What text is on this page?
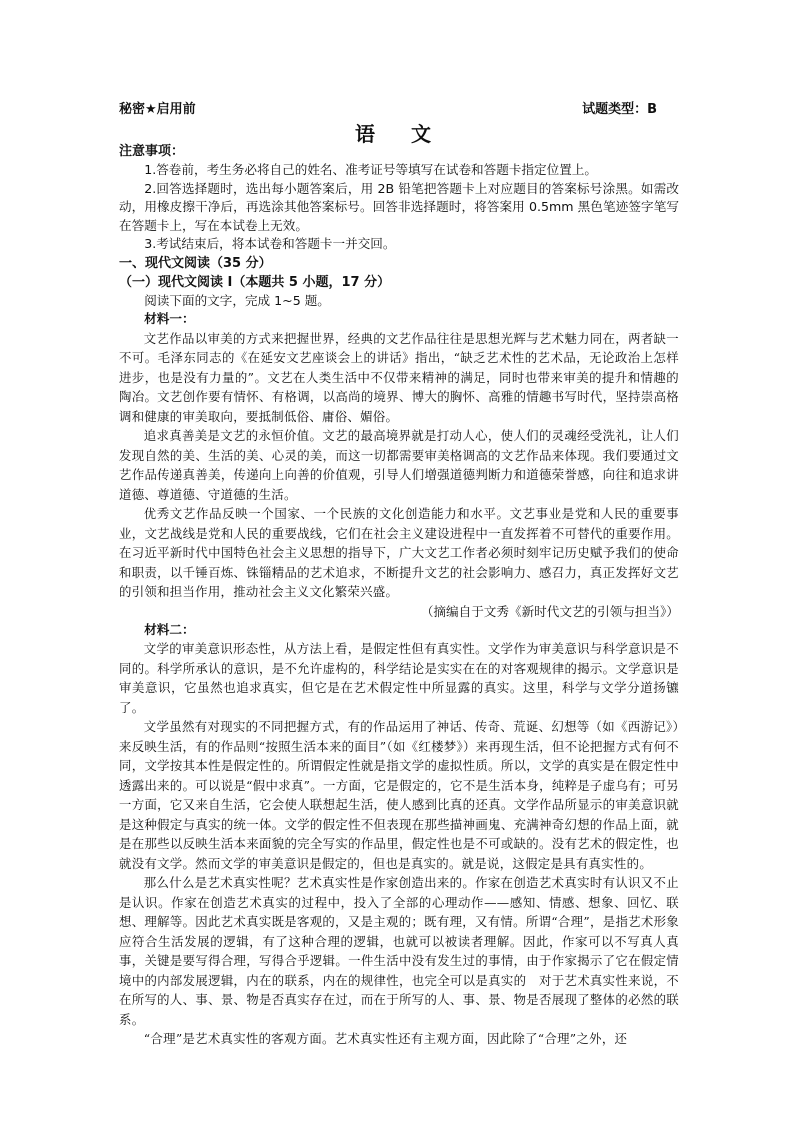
秘密★启用前	试题类型：B
语　文
注意事项：
1.答卷前，考生务必将自己的姓名、准考证号等填写在试卷和答题卡指定位置上。
2.回答选择题时，选出每小题答案后，用 2B 铅笔把答题卡上对应题目的答案标号涂黑。如需改动，用橡皮擦干净后，再选涂其他答案标号。回答非选择题时，将答案用 0.5mm 黑色笔迹签字笔写在答题卡上，写在本试卷上无效。
3.考试结束后，将本试卷和答题卡一并交回。
一、现代文阅读（35 分）
（一）现代文阅读 I（本题共 5 小题，17 分）
阅读下面的文字，完成 1~5 题。
材料一：
文艺作品以审美的方式来把握世界，经典的文艺作品往往是思想光辉与艺术魅力同在，两者缺一不可。毛泽东同志的《在延安文艺座谈会上的讲话》指出，“缺乏艺术性的艺术品，无论政治上怎样进步，也是没有力量的”。文艺在人类生活中不仅带来精神的满足，同时也带来审美的提升和情趣的陶冶。文艺创作要有情怀、有格调，以高尚的境界、博大的胸怀、高雅的情趣书写时代，坚持崇高格调和健康的审美取向，要抵制低俗、庸俗、媚俗。
追求真善美是文艺的永恒价值。文艺的最高境界就是打动人心，使人们的灵魂经受洗礼，让人们发现自然的美、生活的美、心灵的美，而这一切都需要审美格调高的文艺作品来体现。我们要通过文艺作品传递真善美，传递向上向善的价值观，引导人们增强道德判断力和道德荣誉感，向往和追求讲道德、尊道德、守道德的生活。
优秀文艺作品反映一个国家、一个民族的文化创造能力和水平。文艺事业是党和人民的重要事业，文艺战线是党和人民的重要战线，它们在社会主义建设进程中一直发挥着不可替代的重要作用。在习近平新时代中国特色社会主义思想的指导下，广大文艺工作者必须时刻牢记历史赋予我们的使命和职责，以千锤百炼、铢锱精品的艺术追求，不断提升文艺的社会影响力、感召力，真正发挥好文艺的引领和担当作用，推动社会主义文化繁荣兴盛。
（摘编自于文秀《新时代文艺的引领与担当》）
材料二：
文学的审美意识形态性，从方法上看，是假定性但有真实性。文学作为审美意识与科学意识是不同的。科学所承认的意识，是不允许虚构的，科学结论是实实在在的对客观规律的揭示。文学意识是审美意识，它虽然也追求真实，但它是在艺术假定性中所显露的真实。这里，科学与文学分道扬镳了。
文学虽然有对现实的不同把握方式，有的作品运用了神话、传奇、荒诞、幻想等（如《西游记》）来反映生活，有的作品则“按照生活本来的面目”（如《红楼梦》）来再现生活，但不论把握方式有何不同，文学按其本性是假定性的。所谓假定性就是指文学的虚拟性质。所以，文学的真实是在假定性中透露出来的。可以说是“假中求真”。一方面，它是假定的，它不是生活本身，纯粹是子虚乌有；可另一方面，它又来自生活，它会使人联想起生活，使人感到比真的还真。文学作品所显示的审美意识就是这种假定与真实的统一体。文学的假定性不但表现在那些描神画鬼、充满神奇幻想的作品上面，就是在那些以反映生活本来面貌的完全写实的作品里，假定性也是不可或缺的。没有艺术的假定性，也就没有文学。然而文学的审美意识是假定的，但也是真实的。就是说，这假定是具有真实性的。
那么什么是艺术真实性呢？艺术真实性是作家创造出来的。作家在创造艺术真实时有认识又不止是认识。作家在创造艺术真实的过程中，投入了全部的心理动作——感知、情感、想象、回忆、联想、理解等。因此艺术真实既是客观的，又是主观的；既有理，又有情。所谓“合理”，是指艺术形象应符合生活发展的逻辑，有了这种合理的逻辑，也就可以被读者理解。因此，作家可以不写真人真事，关键是要写得合理，写得合乎逻辑。一件生活中没有发生过的事情，由于作家揭示了它在假定情境中的内部发展逻辑，内在的联系，内在的规律性，也完全可以是真实的　对于艺术真实性来说，不在所写的人、事、景、物是否真实存在过，而在于所写的人、事、景、物是否展现了整体的必然的联系。
“合理”是艺术真实性的客观方面。艺术真实性还有主观方面，因此除了“合理”之外，还
